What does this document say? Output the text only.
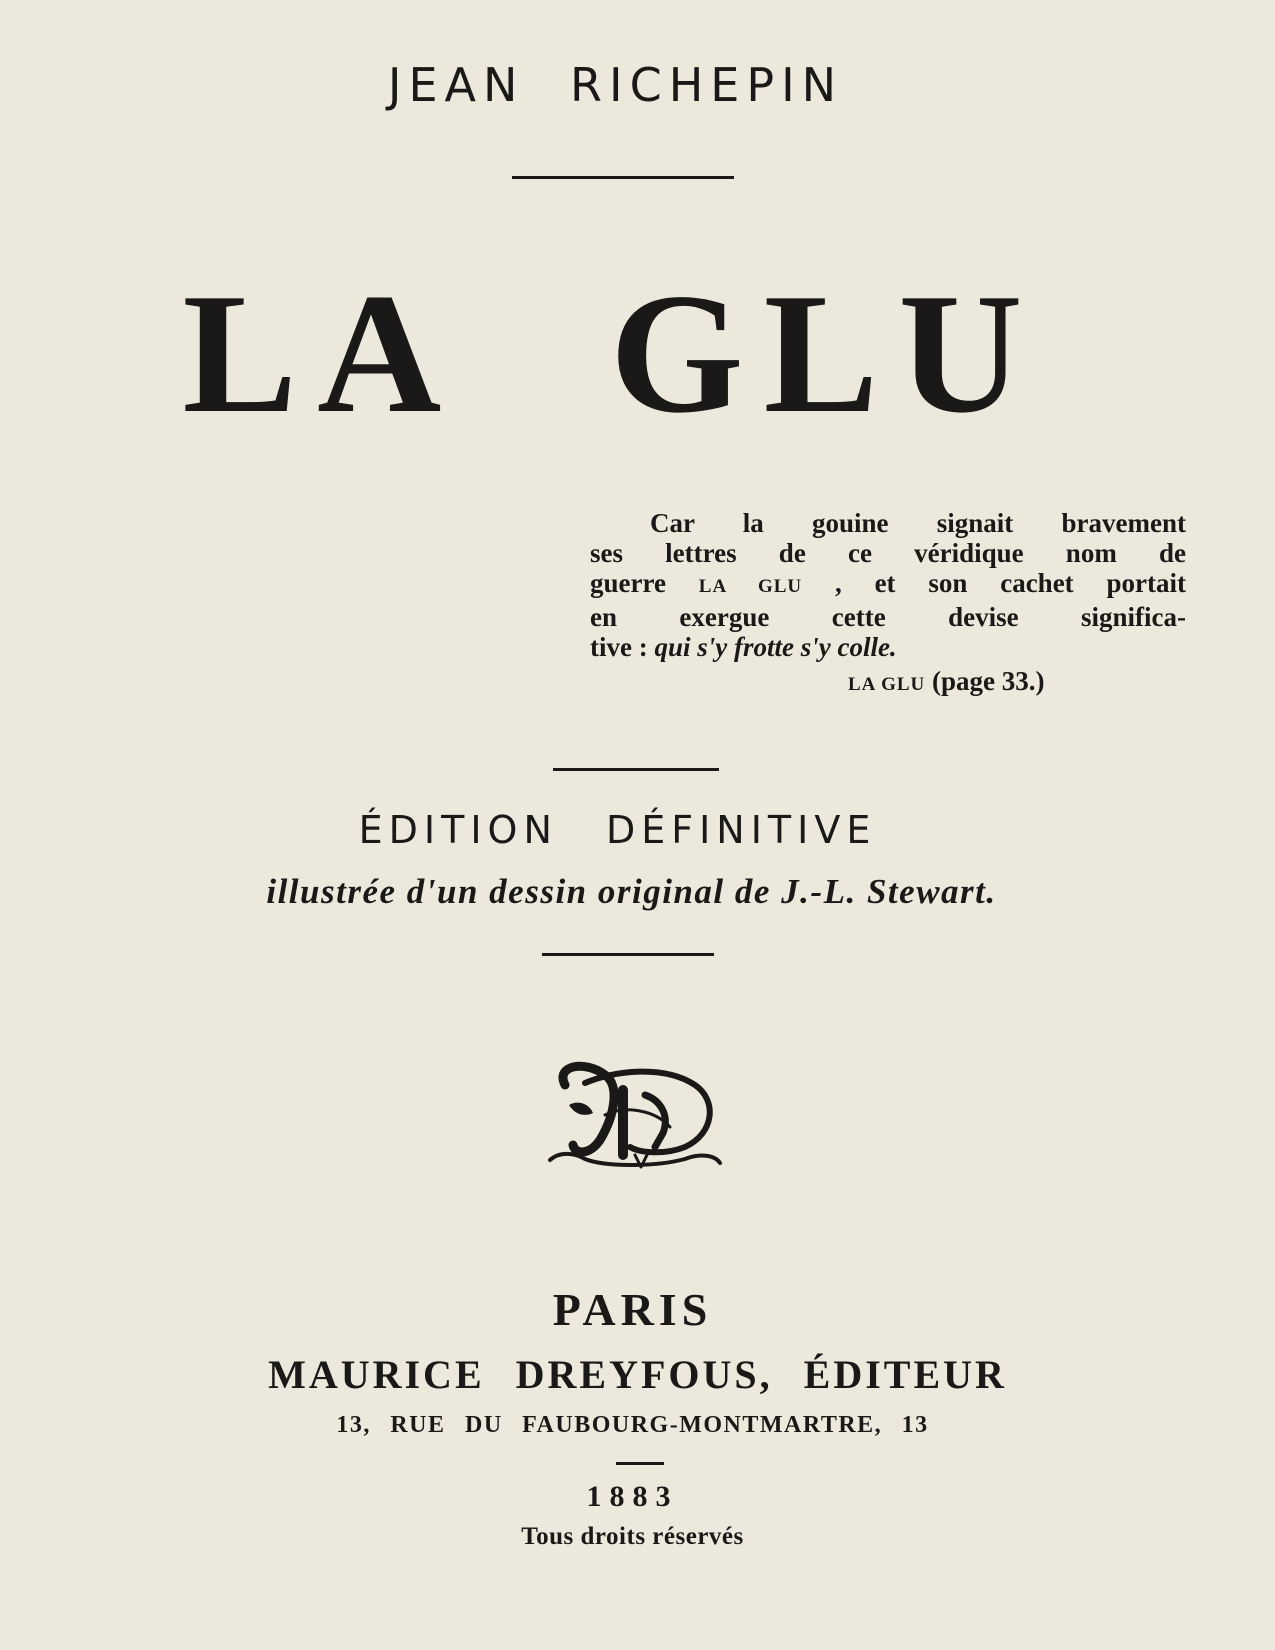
JEAN RICHEPIN
LA GLU
Car la gouine signait bravement
ses lettres de ce véridique nom de
guerre LA GLU , et son cachet portait
en exergue cette devise significa-
tive : qui s'y frotte s'y colle.
LA GLU (page 33.)
ÉDITION DÉFINITIVE
illustrée d'un dessin original de J.-L. Stewart.
PARIS
MAURICE DREYFOUS, ÉDITEUR
13, RUE DU FAUBOURG-MONTMARTRE, 13
1883
Tous droits réservés
